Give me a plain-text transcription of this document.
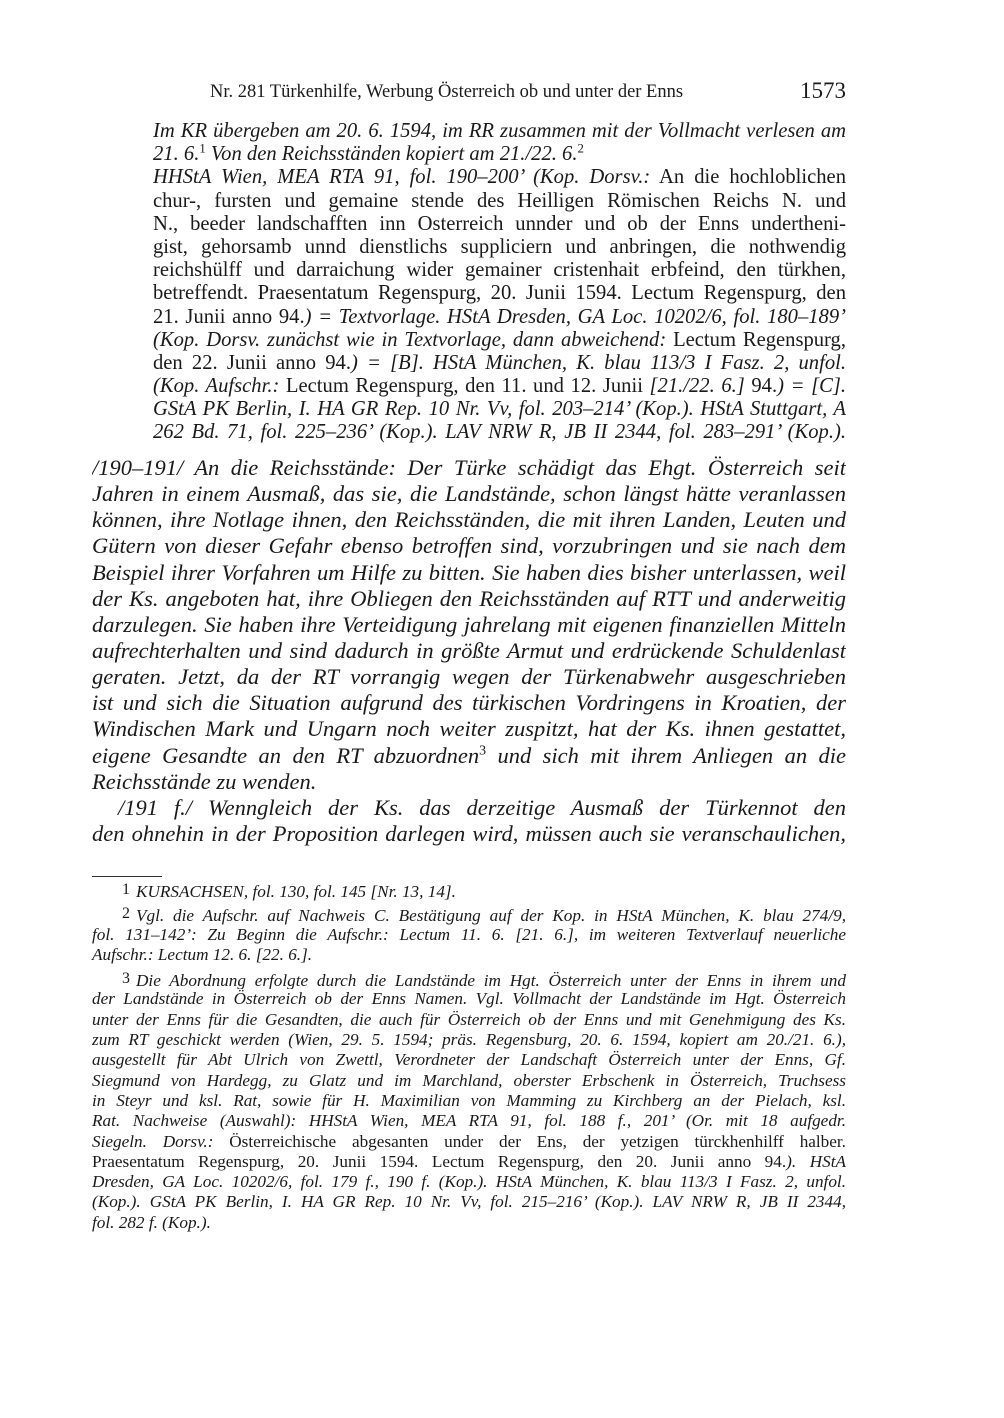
Nr. 281 Türkenhilfe, Werbung Österreich ob und unter der Enns	1573
Im KR übergeben am 20. 6. 1594, im RR zusammen mit der Vollmacht verlesen am
21. 6.$^1$ Von den Reichsständen kopiert am 21./22. 6.$^2$
HHStA Wien, MEA RTA 91, fol. 190–200’ (Kop. Dorsv.: An die hochloblichen
chur-, fursten und gemaine stende des Heilligen Römischen Reichs N. und
N., beeder landschafften inn Osterreich unnder und ob der Enns undertheni-
gist, gehorsamb unnd dienstlichs suppliciern und anbringen, die nothwendig
reichshülff und darraichung wider gemainer cristenhait erbfeind, den türkhen,
betreffendt. Praesentatum Regenspurg, 20. Junii 1594. Lectum Regenspurg, den
21. Junii anno 94.) = Textvorlage. HStA Dresden, GA Loc. 10202/6, fol. 180–189’
(Kop. Dorsv. zunächst wie in Textvorlage, dann abweichend: Lectum Regenspurg,
den 22. Junii anno 94.) = [B]. HStA München, K. blau 113/3 I Fasz. 2, unfol.
(Kop. Aufschr.: Lectum Regenspurg, den 11. und 12. Junii [21./22. 6.] 94.) = [C].
GStA PK Berlin, I. HA GR Rep. 10 Nr. Vv, fol. 203–214’ (Kop.). HStA Stuttgart, A
262 Bd. 71, fol. 225–236’ (Kop.). LAV NRW R, JB II 2344, fol. 283–291’ (Kop.).
/190–191/ An die Reichsstände: Der Türke schädigt das Ehgt. Österreich seit
Jahren in einem Ausmaß, das sie, die Landstände, schon längst hätte veranlassen
können, ihre Notlage ihnen, den Reichsständen, die mit ihren Landen, Leuten und
Gütern von dieser Gefahr ebenso betroffen sind, vorzubringen und sie nach dem
Beispiel ihrer Vorfahren um Hilfe zu bitten. Sie haben dies bisher unterlassen, weil
der Ks. angeboten hat, ihre Obliegen den Reichsständen auf RTT und anderweitig
darzulegen. Sie haben ihre Verteidigung jahrelang mit eigenen finanziellen Mitteln
aufrechterhalten und sind dadurch in größte Armut und erdrückende Schuldenlast
geraten. Jetzt, da der RT vorrangig wegen der Türkenabwehr ausgeschrieben
ist und sich die Situation aufgrund des türkischen Vordringens in Kroatien, der
Windischen Mark und Ungarn noch weiter zuspitzt, hat der Ks. ihnen gestattet,
eigene Gesandte an den RT abzuordnen$^3$ und sich mit ihrem Anliegen an die
Reichsstände zu wenden.
/191 f./ Wenngleich der Ks. das derzeitige Ausmaß der Türkennot den
den ohnehin in der Proposition darlegen wird, müssen auch sie veranschaulichen,
1 KURSACHSEN, fol. 130, fol. 145 [Nr. 13, 14].
2 Vgl. die Aufschr. auf Nachweis C. Bestätigung auf der Kop. in HStA München, K. blau 274/9,
fol. 131–142’: Zu Beginn die Aufschr.: Lectum 11. 6. [21. 6.], im weiteren Textverlauf neuerliche
Aufschr.: Lectum 12. 6. [22. 6.].
3 Die Abordnung erfolgte durch die Landstände im Hgt. Österreich unter der Enns in ihrem und
der Landstände in Österreich ob der Enns Namen. Vgl. Vollmacht der Landstände im Hgt. Österreich
unter der Enns für die Gesandten, die auch für Österreich ob der Enns und mit Genehmigung des Ks.
zum RT geschickt werden (Wien, 29. 5. 1594; präs. Regensburg, 20. 6. 1594, kopiert am 20./21. 6.),
ausgestellt für Abt Ulrich von Zwettl, Verordneter der Landschaft Österreich unter der Enns, Gf.
Siegmund von Hardegg, zu Glatz und im Marchland, oberster Erbschenk in Österreich, Truchsess
in Steyr und ksl. Rat, sowie für H. Maximilian von Mamming zu Kirchberg an der Pielach, ksl.
Rat. Nachweise (Auswahl): HHStA Wien, MEA RTA 91, fol. 188 f., 201’ (Or. mit 18 aufgedr.
Siegeln. Dorsv.: Österreichische abgesanten under der Ens, der yetzigen türckhenhilff halber.
Praesentatum Regenspurg, 20. Junii 1594. Lectum Regenspurg, den 20. Junii anno 94.). HStA
Dresden, GA Loc. 10202/6, fol. 179 f., 190 f. (Kop.). HStA München, K. blau 113/3 I Fasz. 2, unfol.
(Kop.). GStA PK Berlin, I. HA GR Rep. 10 Nr. Vv, fol. 215–216’ (Kop.). LAV NRW R, JB II 2344,
fol. 282 f. (Kop.).
